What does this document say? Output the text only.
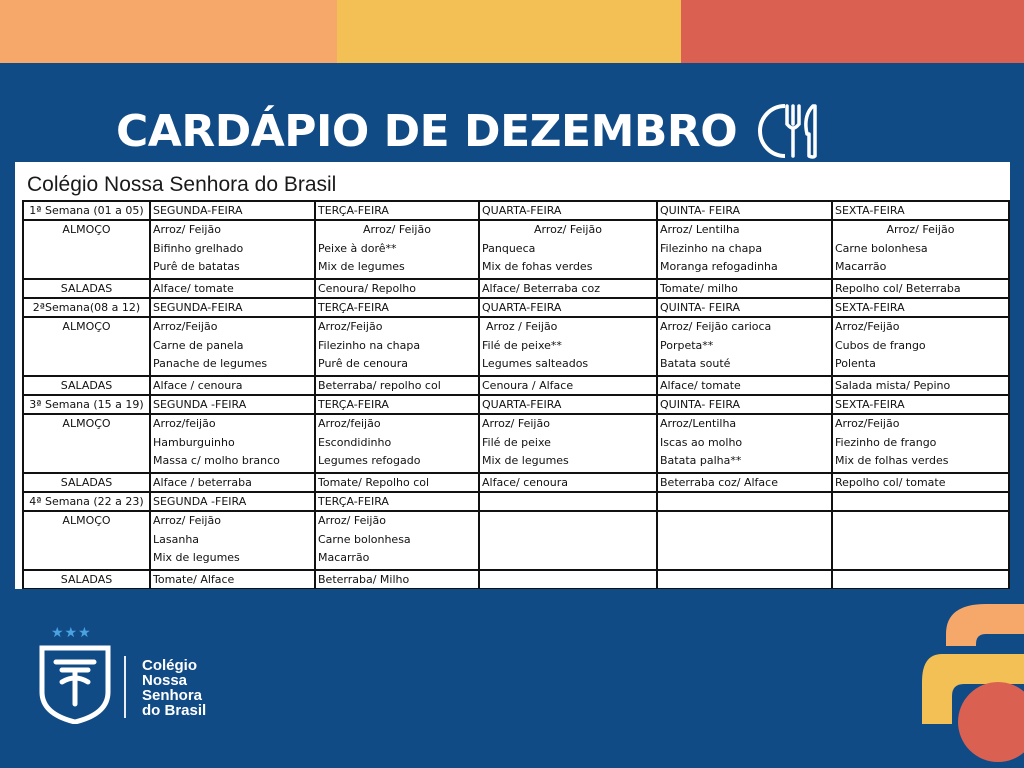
CARDÁPIO DE DEZEMBRO
Colégio Nossa Senhora do Brasil
1ª Semana (01 a 05)	SEGUNDA-FEIRA	TERÇA-FEIRA	QUARTA-FEIRA	QUINTA- FEIRA	SEXTA-FEIRA
ALMOÇO	Arroz/ Feijão
Bifinho grelhado
Purê de batatas	Arroz/ Feijão
Peixe à dorê**
Mix de legumes	Arroz/ Feijão
Panqueca
Mix de fohas verdes	Arroz/ Lentilha
Filezinho na chapa
Moranga refogadinha	Arroz/ Feijão
Carne bolonhesa
Macarrão

SALADAS	Alface/ tomate	Cenoura/ Repolho	Alface/ Beterraba coz	Tomate/ milho	Repolho col/ Beterraba
2ªSemana(08 a 12)	SEGUNDA-FEIRA	TERÇA-FEIRA	QUARTA-FEIRA	QUINTA- FEIRA	SEXTA-FEIRA
ALMOÇO	Arroz/Feijão
Carne de panela
Panache de legumes	Arroz/Feijão
Filezinho na chapa
Purê de cenoura	Arroz / Feijão
Filé de peixe**
Legumes salteados	Arroz/ Feijão carioca
Porpeta**
Batata souté	Arroz/Feijão
Cubos de frango
Polenta

SALADAS	Alface / cenoura	Beterraba/ repolho col	Cenoura / Alface	Alface/ tomate	Salada mista/ Pepino
3ª Semana (15 a 19)	SEGUNDA -FEIRA	TERÇA-FEIRA	QUARTA-FEIRA	QUINTA- FEIRA	SEXTA-FEIRA
ALMOÇO	Arroz/feijão
Hamburguinho
Massa c/ molho branco	Arroz/feijão
Escondidinho
Legumes refogado	Arroz/ Feijão
Filé de peixe
Mix de legumes	Arroz/Lentilha
Iscas ao molho
Batata palha**	Arroz/Feijão
Fiezinho de frango
Mix de folhas verdes

SALADAS	Alface / beterraba	Tomate/ Repolho col	Alface/ cenoura	Beterraba coz/ Alface	Repolho col/ tomate
4ª Semana (22 a 23)	SEGUNDA -FEIRA	TERÇA-FEIRA			
ALMOÇO	Arroz/ Feijão
Lasanha
Mix de legumes	Arroz/ Feijão
Carne bolonhesa
Macarrão			

SALADAS	Tomate/ Alface	Beterraba/ Milho			
★★★
Colégio
Nossa
Senhora
do Brasil
